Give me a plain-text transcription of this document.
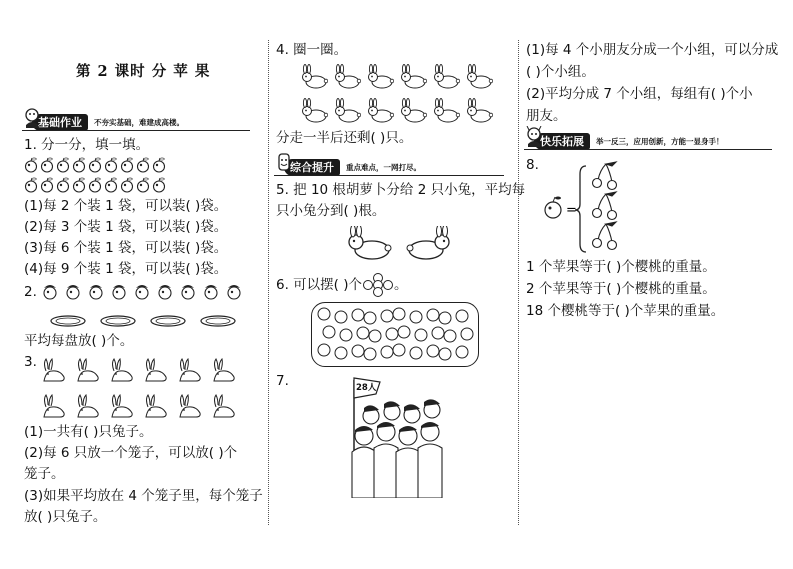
第 2 课时 分 苹 果
基础作业	不夯实基础，难建成高楼。
1. 分一分，填一填。
(1)每 2 个装 1 袋，可以装( )袋。
(2)每 3 个装 1 袋，可以装( )袋。
(3)每 6 个装 1 袋，可以装( )袋。
(4)每 9 个装 1 袋，可以装( )袋。
2.
平均每盘放( )个。
3.
(1)一共有( )只兔子。
(2)每 6 只放一个笼子，可以放( )个
笼子。
(3)如果平均放在 4 个笼子里，每个笼子
放( )只兔子。
4. 圈一圈。
分走一半后还剩( )只。
综合提升	重点难点，一网打尽。
5. 把 10 根胡萝卜分给 2 只小兔，平均每
只小兔分到( )根。
6. 可以摆( )个 。
7.	28人
(1)每 4 个小朋友分成一个小组，可以分成
( )个小组。
(2)平均分成 7 个小组，每组有( )个小
朋友。
快乐拓展	举一反三，应用创新，方能一显身手！
8.
=
1 个苹果等于( )个樱桃的重量。
2 个苹果等于( )个樱桃的重量。
18 个樱桃等于( )个苹果的重量。
